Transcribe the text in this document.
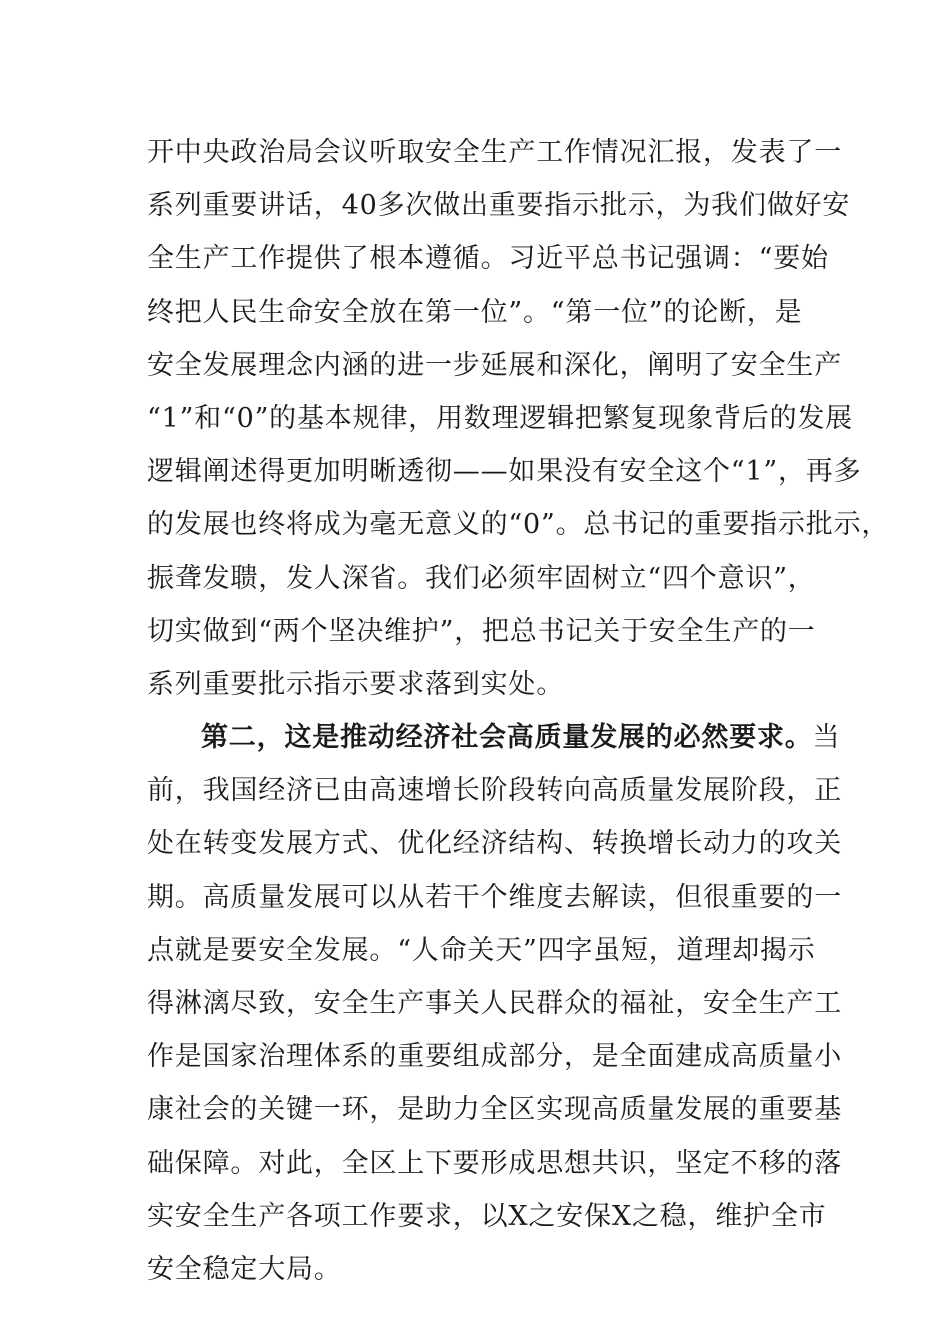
开中央政治局会议听取安全生产工作情况汇报，发表了一
系列重要讲话，40多次做出重要指示批示，为我们做好安
全生产工作提供了根本遵循。习近平总书记强调：“要始
终把人民生命安全放在第一位”。“第一位”的论断，是
安全发展理念内涵的进一步延展和深化，阐明了安全生产
“1”和“0”的基本规律，用数理逻辑把繁复现象背后的发展
逻辑阐述得更加明晰透彻——如果没有安全这个“1”，再多
的发展也终将成为毫无意义的“0”。总书记的重要指示批示，
振聋发聩，发人深省。我们必须牢固树立“四个意识”，
切实做到“两个坚决维护”，把总书记关于安全生产的一
系列重要批示指示要求落到实处。
第二，这是推动经济社会高质量发展的必然要求。当
前，我国经济已由高速增长阶段转向高质量发展阶段，正
处在转变发展方式、优化经济结构、转换增长动力的攻关
期。高质量发展可以从若干个维度去解读，但很重要的一
点就是要安全发展。“人命关天”四字虽短，道理却揭示
得淋漓尽致，安全生产事关人民群众的福祉，安全生产工
作是国家治理体系的重要组成部分，是全面建成高质量小
康社会的关键一环，是助力全区实现高质量发展的重要基
础保障。对此，全区上下要形成思想共识，坚定不移的落
实安全生产各项工作要求，以X之安保X之稳，维护全市
安全稳定大局。
